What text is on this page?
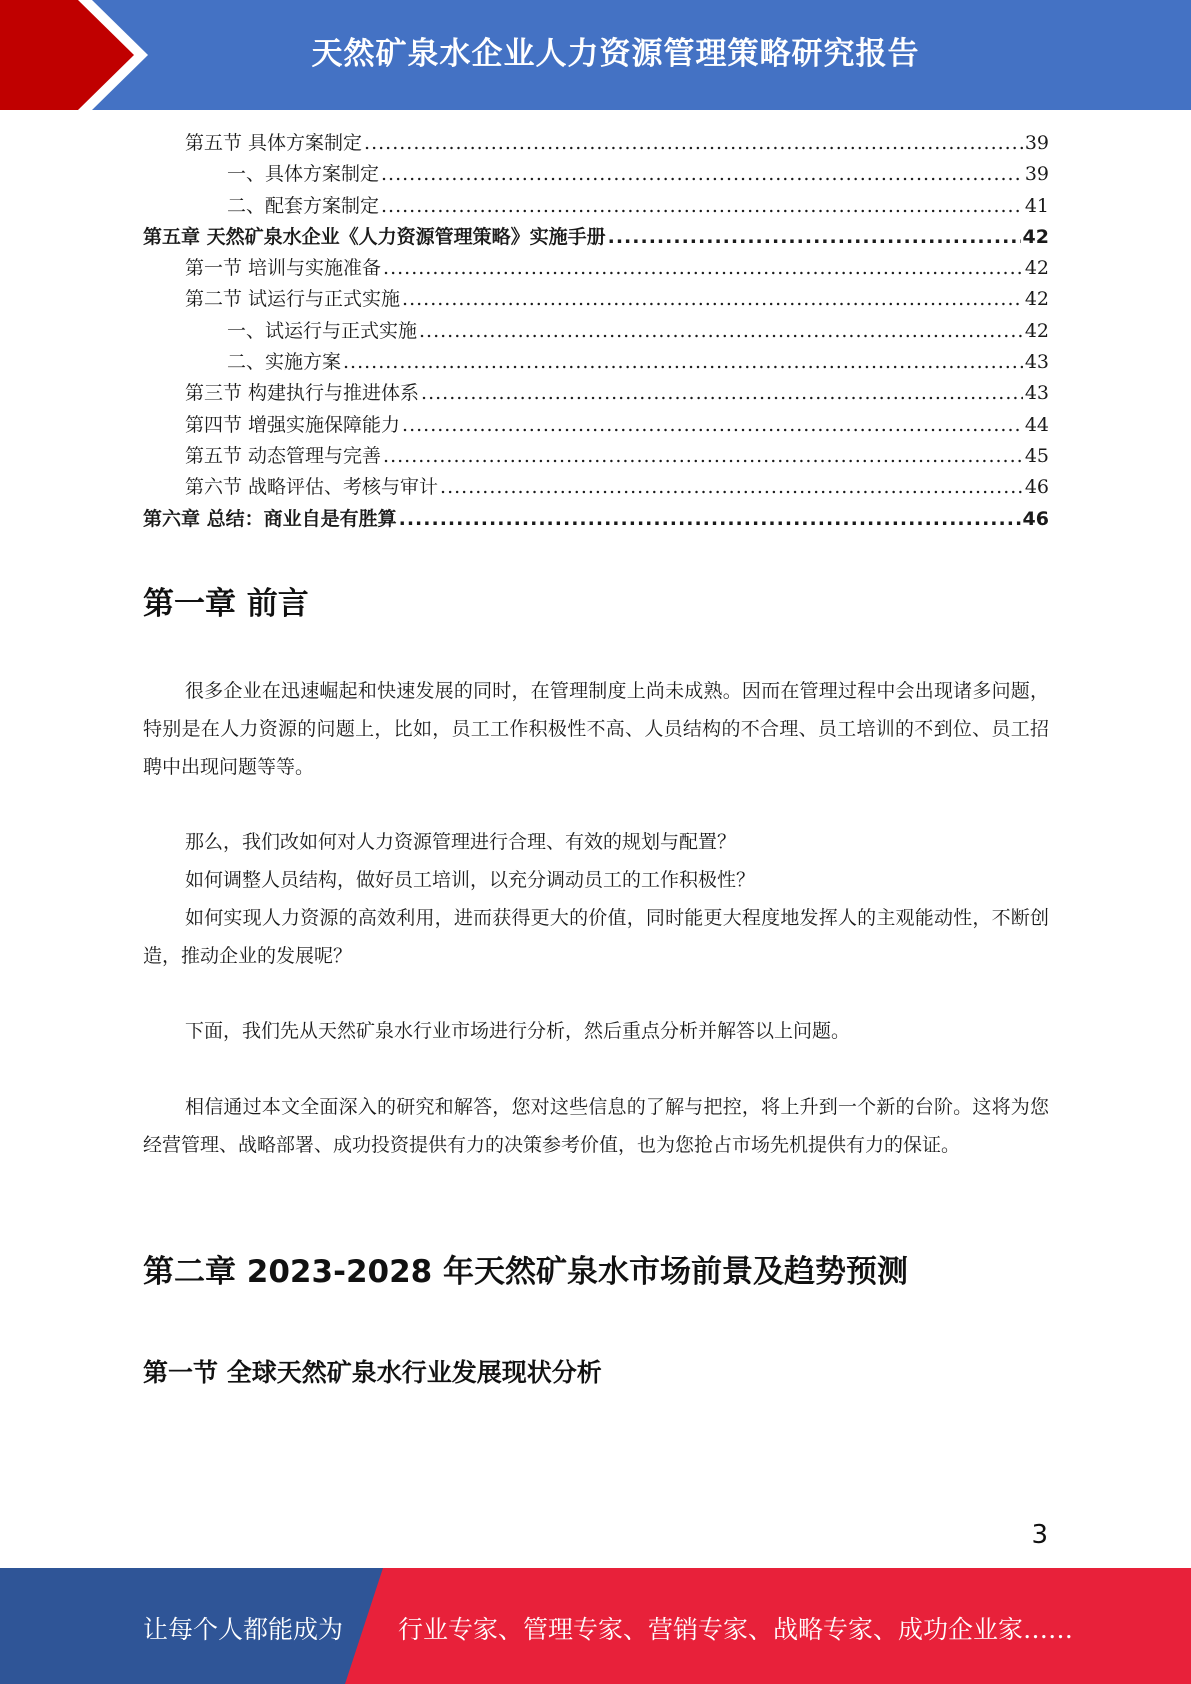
天然矿泉水企业人力资源管理策略研究报告
第五节 具体方案制定 .....	39
一、具体方案制定 .....	39
二、配套方案制定 .....	41
第五章 天然矿泉水企业《人力资源管理策略》实施手册 .....	42
第一节 培训与实施准备 .....	42
第二节 试运行与正式实施 .....	42
一、试运行与正式实施 .....	42
二、实施方案 .....	43
第三节 构建执行与推进体系 .....	43
第四节 增强实施保障能力 .....	44
第五节 动态管理与完善 .....	45
第六节 战略评估、考核与审计 .....	46
第六章 总结：商业自是有胜算 .....	46
第一章 前言

很多企业在迅速崛起和快速发展的同时，在管理制度上尚未成熟。因而在管理过程中会出现诸多问题，特别是在人力资源的问题上，比如，员工工作积极性不高、人员结构的不合理、员工培训的不到位、员工招聘中出现问题等等。

那么，我们改如何对人力资源管理进行合理、有效的规划与配置？

如何调整人员结构，做好员工培训，以充分调动员工的工作积极性？

如何实现人力资源的高效利用，进而获得更大的价值，同时能更大程度地发挥人的主观能动性，不断创造，推动企业的发展呢？

下面，我们先从天然矿泉水行业市场进行分析，然后重点分析并解答以上问题。

相信通过本文全面深入的研究和解答，您对这些信息的了解与把控，将上升到一个新的台阶。这将为您经营管理、战略部署、成功投资提供有力的决策参考价值，也为您抢占市场先机提供有力的保证。

第二章 2023-2028 年天然矿泉水市场前景及趋势预测
第一节 全球天然矿泉水行业发展现状分析
3
让每个人都能成为 行业专家、管理专家、营销专家、战略专家、成功企业家……
